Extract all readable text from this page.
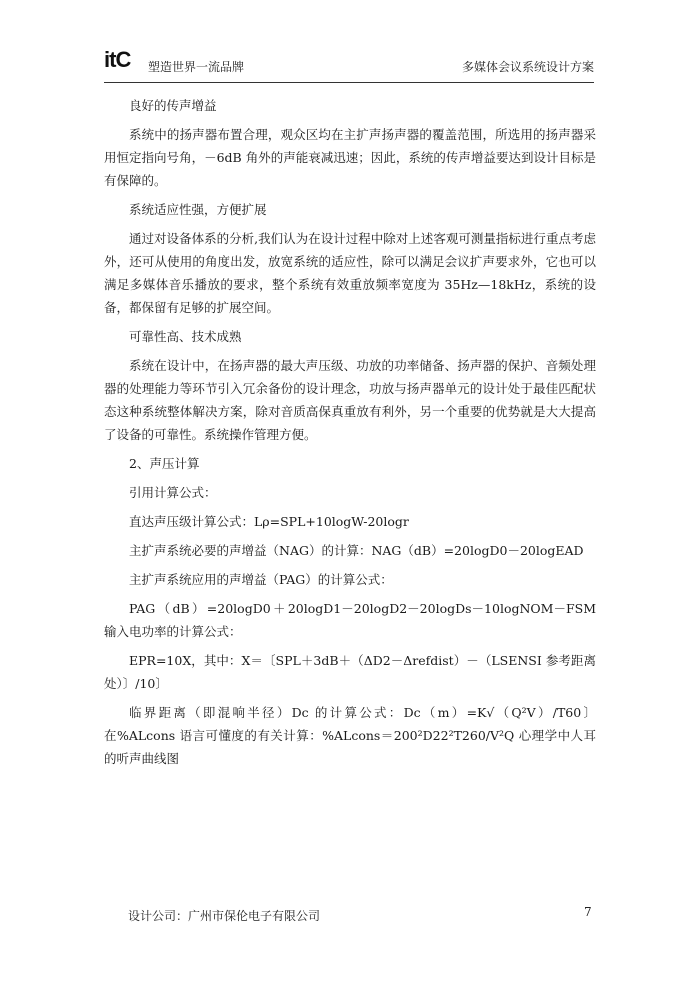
itC 塑造世界一流品牌	多媒体会议系统设计方案

良好的传声增益

系统中的扬声器布置合理，观众区均在主扩声扬声器的覆盖范围，所选用的扬声器采用恒定指向号角，－6dB 角外的声能衰减迅速；因此，系统的传声增益要达到设计目标是有保障的。

系统适应性强，方便扩展

通过对设备体系的分析,我们认为在设计过程中除对上述客观可测量指标进行重点考虑外，还可从使用的角度出发，放宽系统的适应性，除可以满足会议扩声要求外，它也可以满足多媒体音乐播放的要求，整个系统有效重放频率宽度为 35Hz—18kHz，系统的设备，都保留有足够的扩展空间。

可靠性高、技术成熟

系统在设计中，在扬声器的最大声压级、功放的功率储备、扬声器的保护、音频处理器的处理能力等环节引入冗余备份的设计理念，功放与扬声器单元的设计处于最佳匹配状态这种系统整体解决方案，除对音质高保真重放有利外，另一个重要的优势就是大大提高了设备的可靠性。系统操作管理方便。

2、声压计算

引用计算公式：

直达声压级计算公式：Lρ=SPL+10logW-20logr

主扩声系统必要的声增益（NAG）的计算：NAG（dB）=20logD0－20logEAD

主扩声系统应用的声增益（PAG）的计算公式：

PAG（dB）=20logD0＋20logD1－20logD2－20logDs－10logNOM－FSM 输入电功率的计算公式：

EPR=10X，其中：X＝〔SPL＋3dB＋（ΔD2－Δrefdist）－（LSENSI 参考距离处）〕/10〕

临界距离（即混响半径）Dc 的计算公式：Dc（m）=K√（Q²V）/T60〕在%ALcons 语言可懂度的有关计算：%ALcons＝200²D22²T260/V²Q 心理学中人耳的听声曲线图

设计公司：广州市保伦电子有限公司	7
